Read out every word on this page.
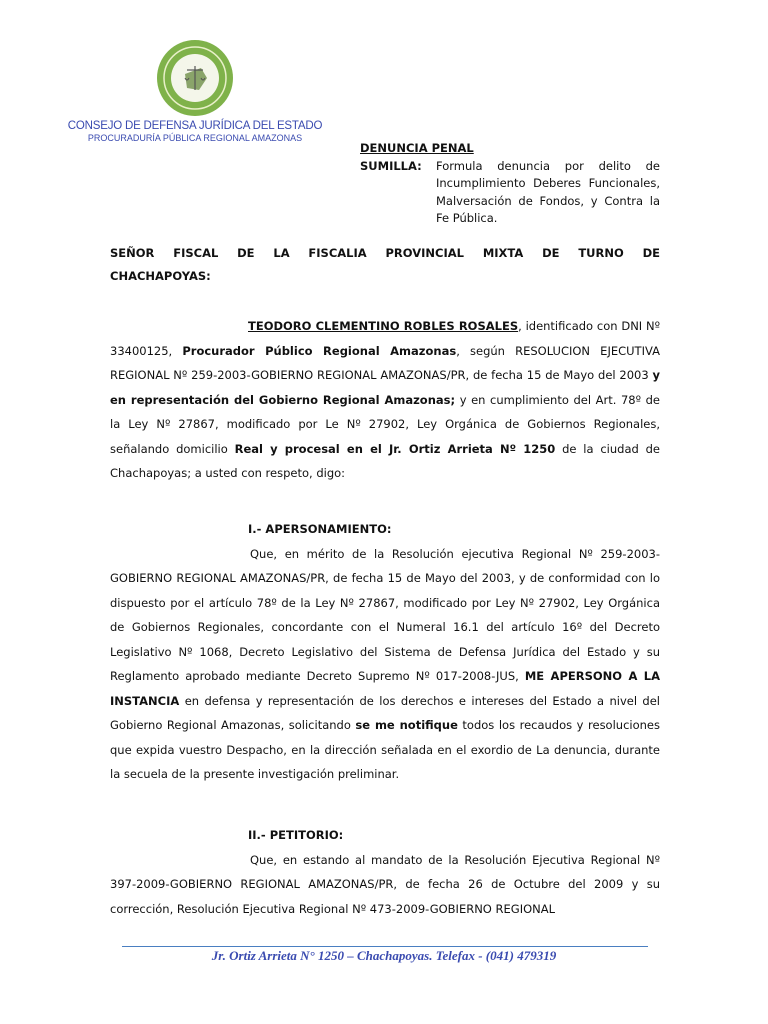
CONSEJO DE DEFENSA JURÍDICA DEL ESTADO
PROCURADURÍA PÚBLICA REGIONAL AMAZONAS
DENUNCIA PENAL
SUMILLA:	Formula denuncia por delito de Incumplimiento Deberes Funcionales, Malversación de Fondos, y Contra la Fe Pública.
SEÑOR FISCAL DE LA FISCALIA PROVINCIAL MIXTA DE TURNO DE
CHACHAPOYAS:

TEODORO CLEMENTINO ROBLES ROSALES, identificado con DNI Nº 33400125, Procurador Público Regional Amazonas, según RESOLUCION EJECUTIVA REGIONAL Nº 259-2003-GOBIERNO REGIONAL AMAZONAS/PR, de fecha 15 de Mayo del 2003 y en representación del Gobierno Regional Amazonas; y en cumplimiento del Art. 78º de la Ley Nº 27867, modificado por Le Nº 27902, Ley Orgánica de Gobiernos Regionales, señalando domicilio Real y procesal en el Jr. Ortiz Arrieta Nº 1250 de la ciudad de Chachapoyas; a usted con respeto, digo:

I.- APERSONAMIENTO:

Que, en mérito de la Resolución ejecutiva Regional Nº 259-2003-GOBIERNO REGIONAL AMAZONAS/PR, de fecha 15 de Mayo del 2003, y de conformidad con lo dispuesto por el artículo 78º de la Ley Nº 27867, modificado por Ley Nº 27902, Ley Orgánica de Gobiernos Regionales, concordante con el Numeral 16.1 del artículo 16º del Decreto Legislativo Nº 1068, Decreto Legislativo del Sistema de Defensa Jurídica del Estado y su Reglamento aprobado mediante Decreto Supremo Nº 017-2008-JUS, ME APERSONO A LA INSTANCIA en defensa y representación de los derechos e intereses del Estado a nivel del Gobierno Regional Amazonas, solicitando se me notifique todos los recaudos y resoluciones que expida vuestro Despacho, en la dirección señalada en el exordio de La denuncia, durante la secuela de la presente investigación preliminar.

II.- PETITORIO:

Que, en estando al mandato de la Resolución Ejecutiva Regional Nº 397-2009-GOBIERNO REGIONAL AMAZONAS/PR, de fecha 26 de Octubre del 2009 y su corrección, Resolución Ejecutiva Regional Nº 473-2009-GOBIERNO REGIONAL

Jr. Ortiz Arrieta N° 1250 – Chachapoyas. Telefax - (041) 479319
